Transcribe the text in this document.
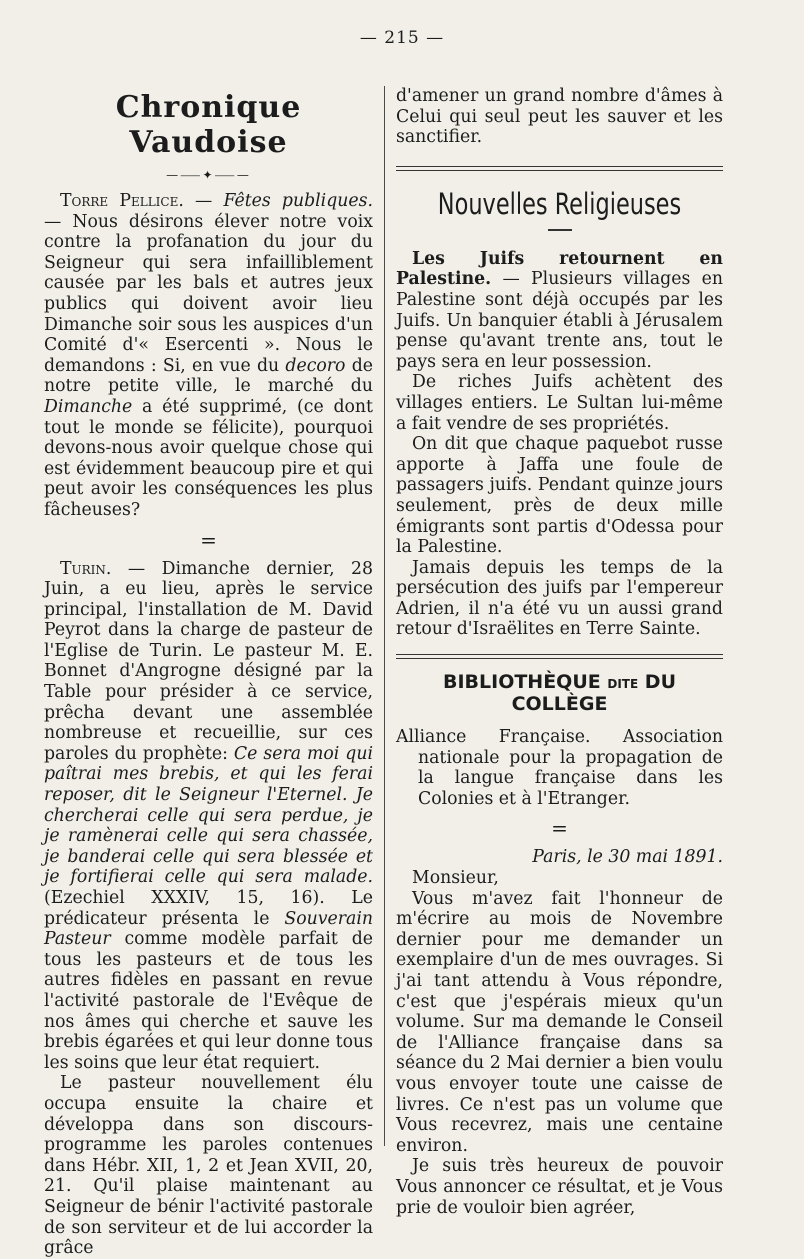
— 215 —
Chronique Vaudoise
—⸺✦⸺—

Torre Pellice. — Fêtes publiques. — Nous désirons élever notre voix contre la profanation du jour du Seigneur qui sera infailliblement causée par les bals et autres jeux publics qui doivent avoir lieu Dimanche soir sous les auspices d'un Comité d'« Esercenti ». Nous le demandons : Si, en vue du decoro de notre petite ville, le marché du Dimanche a été supprimé, (ce dont tout le monde se félicite), pourquoi devons-nous avoir quelque chose qui est évidemment beaucoup pire et qui peut avoir les conséquences les plus fâcheuses?

=

Turin. — Dimanche dernier, 28 Juin, a eu lieu, après le service principal, l'installation de M. David Peyrot dans la charge de pasteur de l'Eglise de Turin. Le pasteur M. E. Bonnet d'Angrogne désigné par la Table pour présider à ce service, prêcha devant une assemblée nombreuse et recueillie, sur ces paroles du prophète: Ce sera moi qui paîtrai mes brebis, et qui les ferai reposer, dit le Seigneur l'Eternel. Je chercherai celle qui sera perdue, je je ramènerai celle qui sera chassée, je banderai celle qui sera blessée et je fortifierai celle qui sera malade. (Ezechiel XXXIV, 15, 16). Le prédicateur présenta le Souverain Pasteur comme modèle parfait de tous les pasteurs et de tous les autres fidèles en passant en revue l'activité pastorale de l'Evêque de nos âmes qui cherche et sauve les brebis égarées et qui leur donne tous les soins que leur état requiert.

Le pasteur nouvellement élu occupa ensuite la chaire et développa dans son discours-programme les paroles contenues dans Hébr. XII, 1, 2 et Jean XVII, 20, 21. Qu'il plaise maintenant au Seigneur de bénir l'activité pastorale de son serviteur et de lui accorder la grâce

d'amener un grand nombre d'âmes à Celui qui seul peut les sauver et les sanctifier.

Nouvelles Religieuses

Les Juifs retournent en Palestine. — Plusieurs villages en Palestine sont déjà occupés par les Juifs. Un banquier établi à Jérusalem pense qu'avant trente ans, tout le pays sera en leur possession.

De riches Juifs achètent des villages entiers. Le Sultan lui-même a fait vendre de ses propriétés.

On dit que chaque paquebot russe apporte à Jaffa une foule de passagers juifs. Pendant quinze jours seulement, près de deux mille émigrants sont partis d'Odessa pour la Palestine.

Jamais depuis les temps de la persécution des juifs par l'empereur Adrien, il n'a été vu un aussi grand retour d'Israëlites en Terre Sainte.

BIBLIOTHÈQUE DITE DU COLLÈGE

Alliance Française. Association nationale pour la propagation de la langue française dans les Colonies et à l'Etranger.

=

Paris, le 30 mai 1891.

Monsieur,

Vous m'avez fait l'honneur de m'écrire au mois de Novembre dernier pour me demander un exemplaire d'un de mes ouvrages. Si j'ai tant attendu à Vous répondre, c'est que j'espérais mieux qu'un volume. Sur ma demande le Conseil de l'Alliance française dans sa séance du 2 Mai dernier a bien voulu vous envoyer toute une caisse de livres. Ce n'est pas un volume que Vous recevrez, mais une centaine environ.

Je suis très heureux de pouvoir Vous annoncer ce résultat, et je Vous prie de vouloir bien agréer,
